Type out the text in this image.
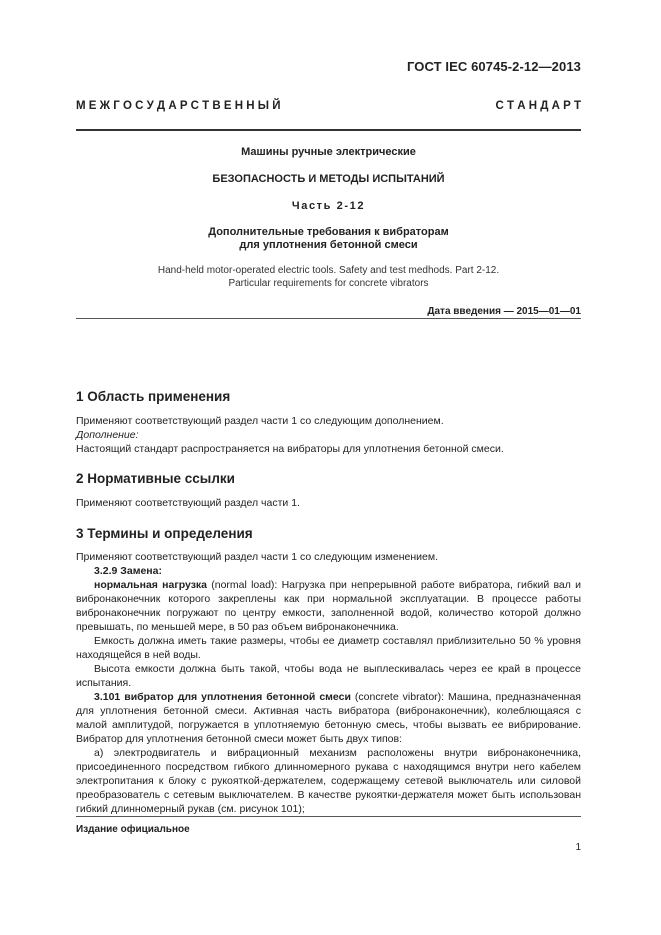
ГОСТ IEC 60745-2-12—2013
М Е Ж Г О С У Д А Р С Т В Е Н Н Ы Й	С Т А Н Д А Р Т
Машины ручные электрические
БЕЗОПАСНОСТЬ И МЕТОДЫ ИСПЫТАНИЙ
Часть 2-12
Дополнительные требования к вибраторам
для уплотнения бетонной смеси
Hand-held motor-operated electric tools. Safety and test medhods. Part 2-12.
Particular requirements for concrete vibrators
Дата введения — 2015—01—01
1 Область применения

Применяют соответствующий раздел части 1 со следующим дополнением.

Дополнение:

Настоящий стандарт распространяется на вибраторы для уплотнения бетонной смеси.

2 Нормативные ссылки

Применяют соответствующий раздел части 1.

3 Термины и определения

Применяют соответствующий раздел части 1 со следующим изменением.

3.2.9 Замена:

нормальная нагрузка (normal load): Нагрузка при непрерывной работе вибратора, гибкий вал и вибронаконечник которого закреплены как при нормальной эксплуатации. В процессе работы вибронаконечник погружают по центру емкости, заполненной водой, количество которой должно превышать, по меньшей мере, в 50 раз объем вибронаконечника.

Емкость должна иметь такие размеры, чтобы ее диаметр составлял приблизительно 50 % уровня находящейся в ней воды.

Высота емкости должна быть такой, чтобы вода не выплескивалась через ее край в процессе испытания.

3.101 вибратор для уплотнения бетонной смеси (concrete vibrator): Машина, предназначенная для уплотнения бетонной смеси. Активная часть вибратора (вибронаконечник), колеблющаяся с малой амплитудой, погружается в уплотняемую бетонную смесь, чтобы вызвать ее вибрирование. Вибратор для уплотнения бетонной смеси может быть двух типов:

а) электродвигатель и вибрационный механизм расположены внутри вибронаконечника, присоединенного посредством гибкого длинномерного рукава с находящимся внутри него кабелем электропитания к блоку с рукояткой-держателем, содержащему сетевой выключатель или силовой преобразователь с сетевым выключателем. В качестве рукоятки-держателя может быть использован гибкий длинномерный рукав (см. рисунок 101);

Издание официальное
1
